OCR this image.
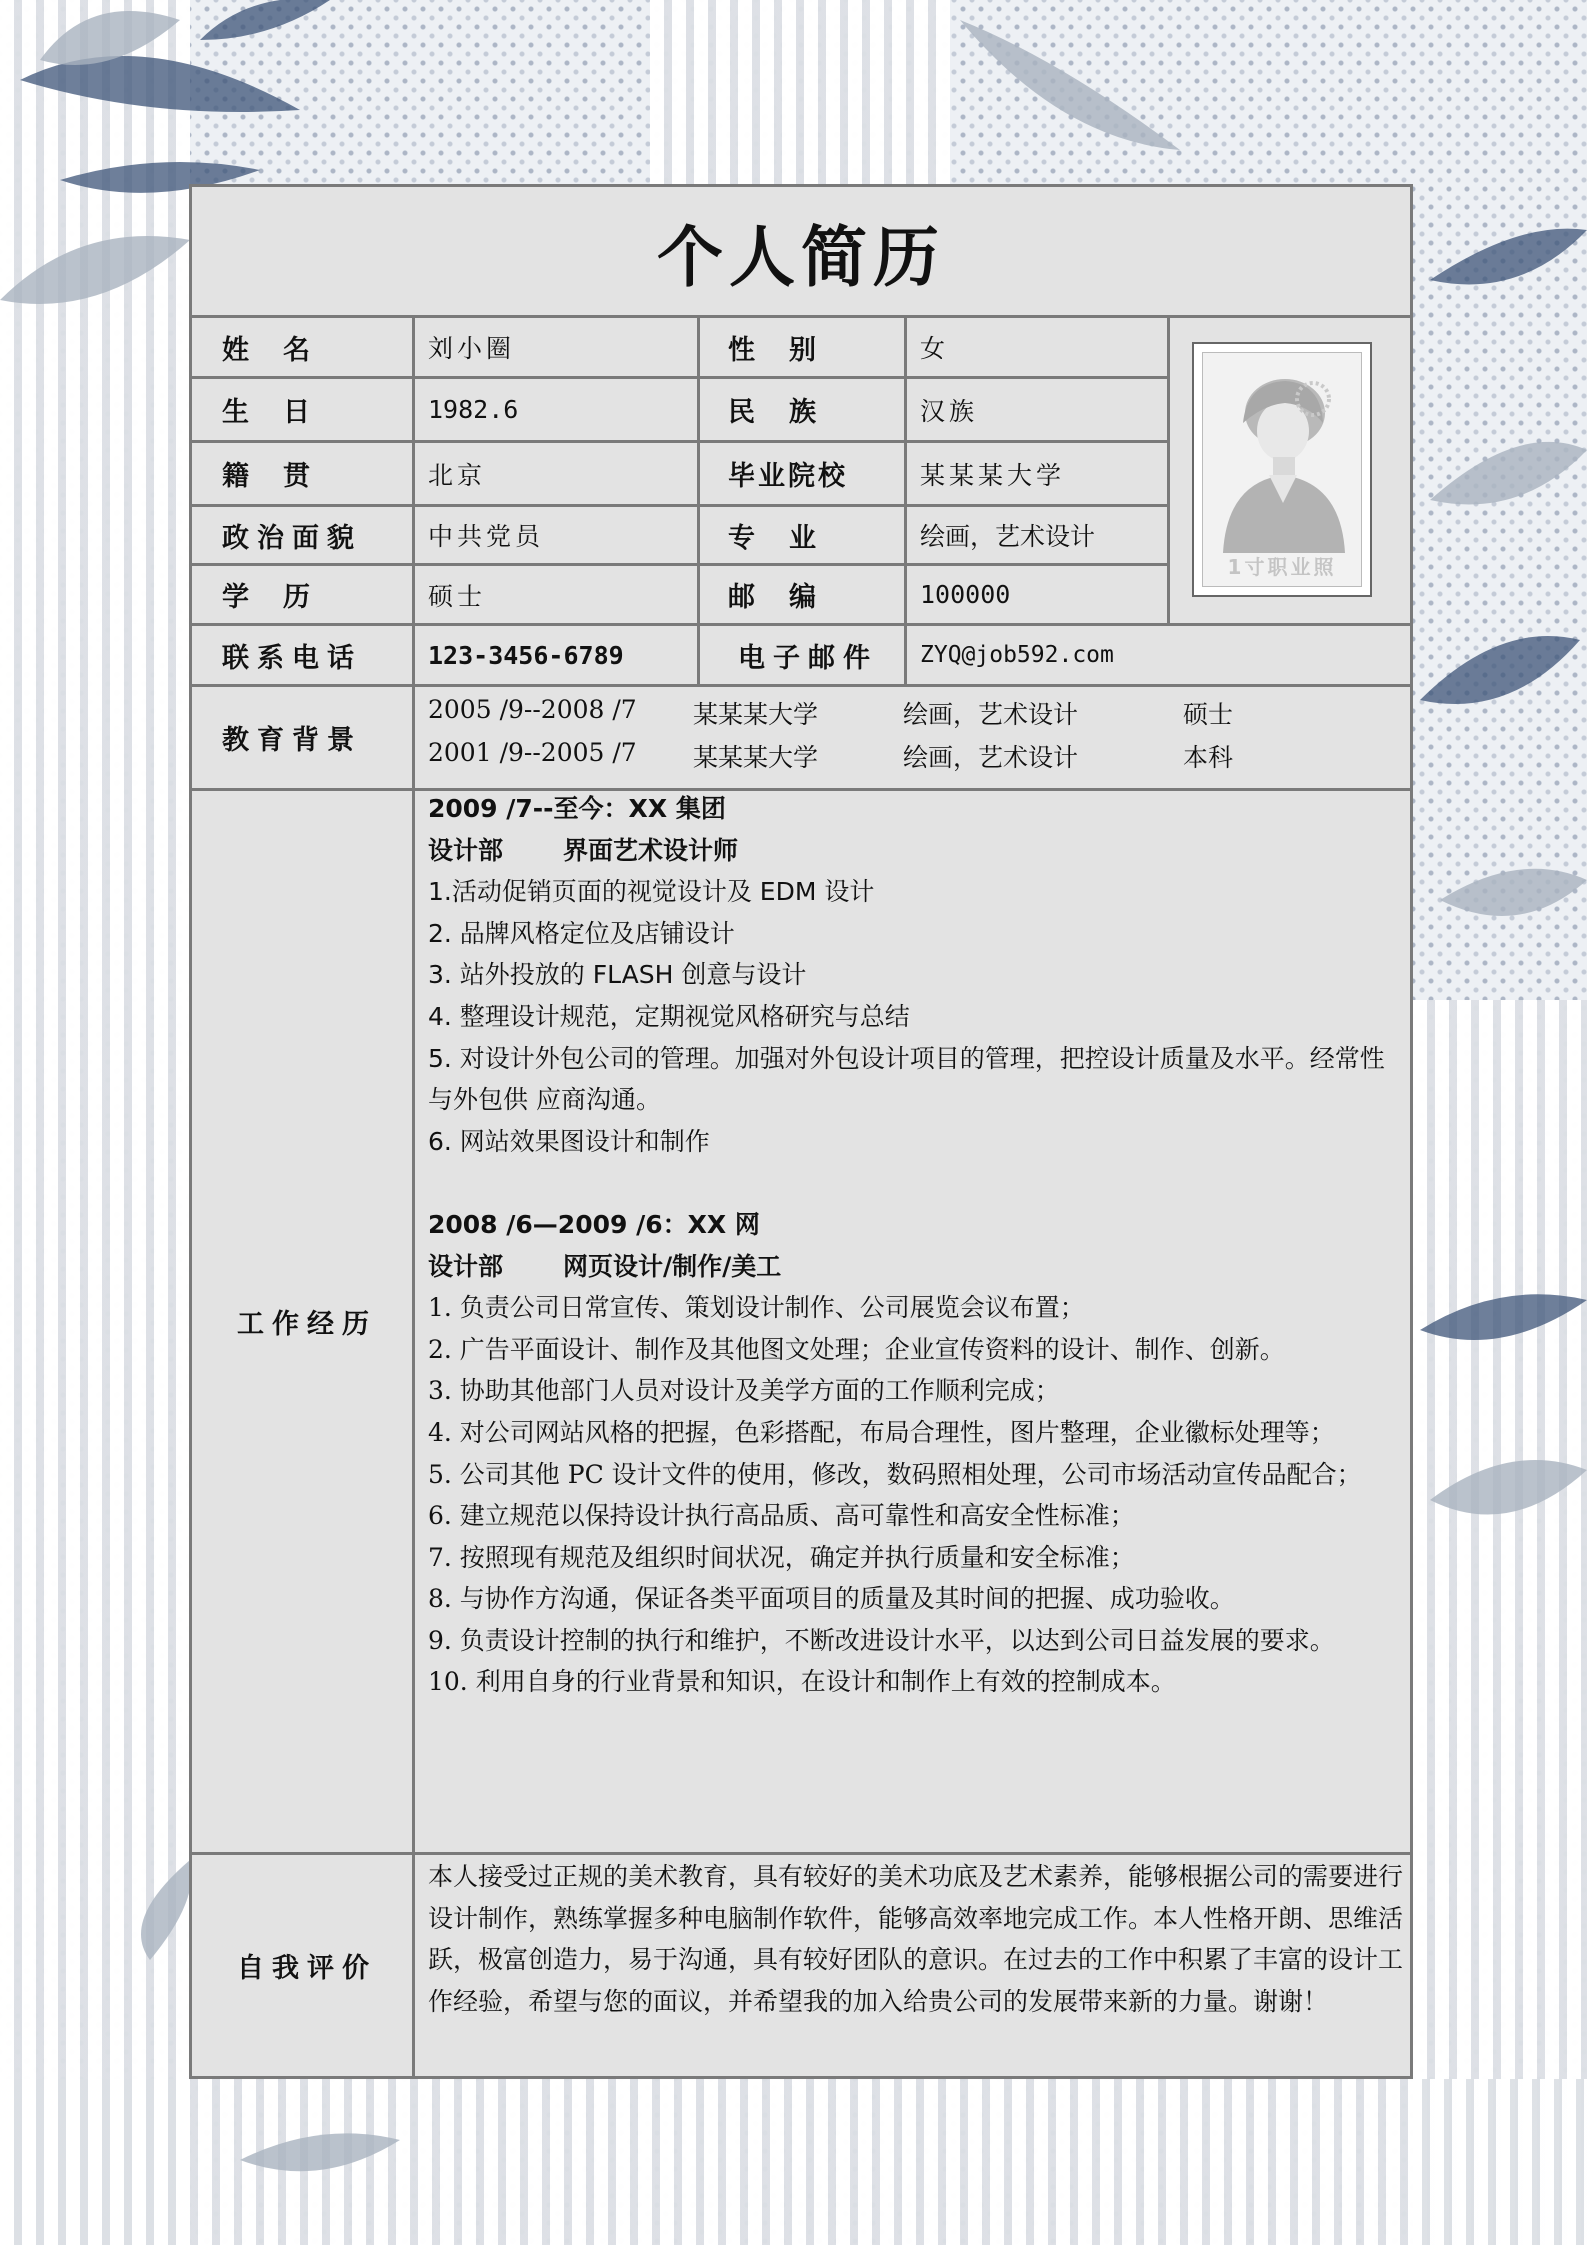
个人简历
姓名	刘小圈	性别	女
生日	1982.6	民族	汉族
籍贯	北京	毕业院校	某某某大学
政治面貌	中共党员	专业	绘画，艺术设计
学历	硕士	邮编	100000
联系电话	123-3456-6789	电子邮件 ZYQ@job592.com
1寸职业照
教育背景
2005 /9--2008 /7 某某某大学	绘画，艺术设计	硕士
2001 /9--2005 /7 某某某大学	绘画，艺术设计	本科
工作经历
2009 /7--至今：XX 集团
设计部 界面艺术设计师
1.活动促销页面的视觉设计及 EDM 设计
2. 品牌风格定位及店铺设计
3. 站外投放的 FLASH 创意与设计
4. 整理设计规范，定期视觉风格研究与总结
5. 对设计外包公司的管理。加强对外包设计项目的管理，把控设计质量及水平。经常性与外包供 应商沟通。
6. 网站效果图设计和制作
2008 /6—2009 /6：XX 网
设计部 网页设计/制作/美工
1. 负责公司日常宣传、策划设计制作、公司展览会议布置；
2. 广告平面设计、制作及其他图文处理；企业宣传资料的设计、制作、创新。
3. 协助其他部门人员对设计及美学方面的工作顺利完成；
4. 对公司网站风格的把握，色彩搭配，布局合理性，图片整理，企业徽标处理等；
5. 公司其他 PC 设计文件的使用，修改，数码照相处理，公司市场活动宣传品配合；
6. 建立规范以保持设计执行高品质、高可靠性和高安全性标准；
7. 按照现有规范及组织时间状况，确定并执行质量和安全标准；
8. 与协作方沟通，保证各类平面项目的质量及其时间的把握、成功验收。
9. 负责设计控制的执行和维护，不断改进设计水平，以达到公司日益发展的要求。
10. 利用自身的行业背景和知识，在设计和制作上有效的控制成本。
自我评价
本人接受过正规的美术教育，具有较好的美术功底及艺术素养，能够根据公司的需要进行设计制作，熟练掌握多种电脑制作软件，能够高效率地完成工作。本人性格开朗、思维活跃，极富创造力，易于沟通，具有较好团队的意识。在过去的工作中积累了丰富的设计工作经验，希望与您的面议，并希望我的加入给贵公司的发展带来新的力量。谢谢！
